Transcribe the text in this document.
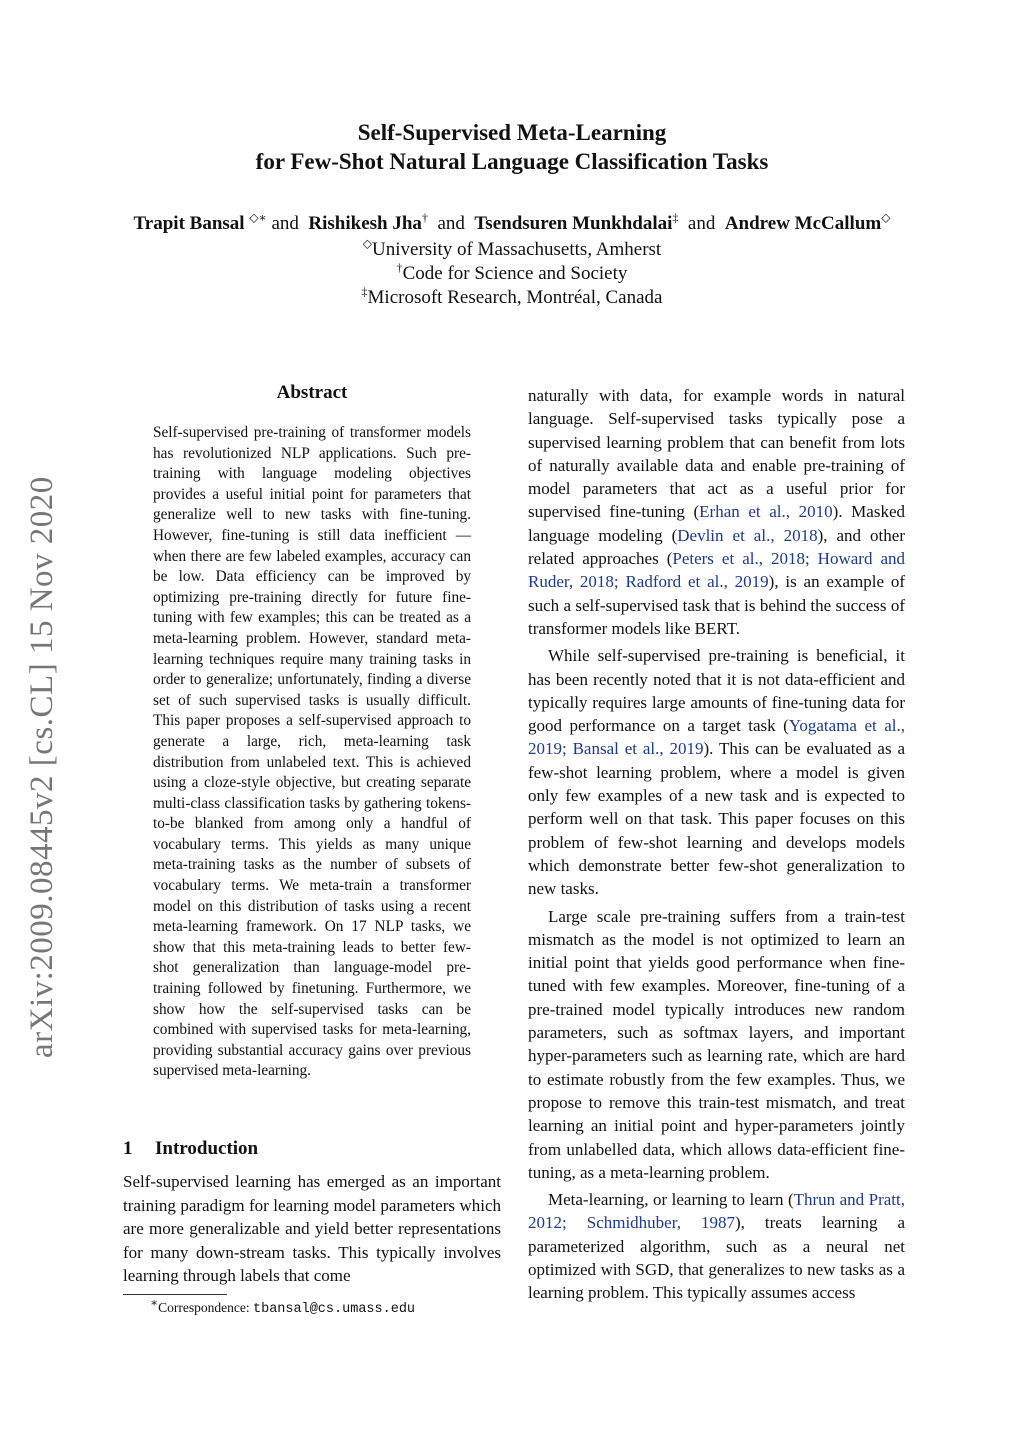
Self-Supervised Meta-Learning
for Few-Shot Natural Language Classification Tasks
Trapit Bansal ◇∗ and Rishikesh Jha† and Tsendsuren Munkhdalai‡ and Andrew McCallum◇
◇University of Massachusetts, Amherst
†Code for Science and Society
‡Microsoft Research, Montréal, Canada
arXiv:2009.08445v2 [cs.CL] 15 Nov 2020
Abstract
Self-supervised pre-training of transformer models has revolutionized NLP applications. Such pre-training with language modeling objectives provides a useful initial point for parameters that generalize well to new tasks with fine-tuning. However, fine-tuning is still data inefficient — when there are few labeled examples, accuracy can be low. Data efficiency can be improved by optimizing pre-training directly for future fine-tuning with few examples; this can be treated as a meta-learning problem. However, standard meta-learning techniques require many training tasks in order to generalize; unfortunately, finding a diverse set of such supervised tasks is usually difficult. This paper proposes a self-supervised approach to generate a large, rich, meta-learning task distribution from unlabeled text. This is achieved using a cloze-style objective, but creating separate multi-class classification tasks by gathering tokens-to-be blanked from among only a handful of vocabulary terms. This yields as many unique meta-training tasks as the number of subsets of vocabulary terms. We meta-train a transformer model on this distribution of tasks using a recent meta-learning framework. On 17 NLP tasks, we show that this meta-training leads to better few-shot generalization than language-model pre-training followed by finetuning. Furthermore, we show how the self-supervised tasks can be combined with supervised tasks for meta-learning, providing substantial accuracy gains over previous supervised meta-learning.
1 Introduction
Self-supervised learning has emerged as an important training paradigm for learning model parameters which are more generalizable and yield better representations for many down-stream tasks. This typically involves learning through labels that come
∗Correspondence: tbansal@cs.umass.edu

naturally with data, for example words in natural language. Self-supervised tasks typically pose a supervised learning problem that can benefit from lots of naturally available data and enable pre-training of model parameters that act as a useful prior for supervised fine-tuning (Erhan et al., 2010). Masked language modeling (Devlin et al., 2018), and other related approaches (Peters et al., 2018; Howard and Ruder, 2018; Radford et al., 2019), is an example of such a self-supervised task that is behind the success of transformer models like BERT.

While self-supervised pre-training is beneficial, it has been recently noted that it is not data-efficient and typically requires large amounts of fine-tuning data for good performance on a target task (Yogatama et al., 2019; Bansal et al., 2019). This can be evaluated as a few-shot learning problem, where a model is given only few examples of a new task and is expected to perform well on that task. This paper focuses on this problem of few-shot learning and develops models which demonstrate better few-shot generalization to new tasks.

Large scale pre-training suffers from a train-test mismatch as the model is not optimized to learn an initial point that yields good performance when fine-tuned with few examples. Moreover, fine-tuning of a pre-trained model typically introduces new random parameters, such as softmax layers, and important hyper-parameters such as learning rate, which are hard to estimate robustly from the few examples. Thus, we propose to remove this train-test mismatch, and treat learning an initial point and hyper-parameters jointly from unlabelled data, which allows data-efficient fine-tuning, as a meta-learning problem.

Meta-learning, or learning to learn (Thrun and Pratt, 2012; Schmidhuber, 1987), treats learning a parameterized algorithm, such as a neural net optimized with SGD, that generalizes to new tasks as a learning problem. This typically assumes access
